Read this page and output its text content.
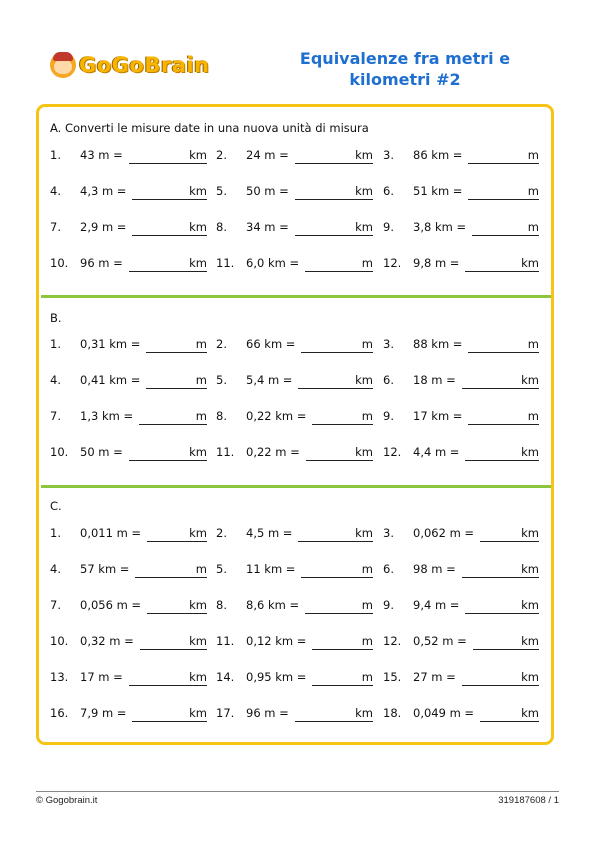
GoGoBrain	Equivalenze fra metri e kilometri #2
A. Converti le misure date in una nuova unità di misura
1. 43 m =	km 2. 24 m =	km 3. 86 km =	m
4. 4,3 m =	km 5. 50 m =	km 6. 51 km =	m
7. 2,9 m =	km 8. 34 m =	km 9. 3,8 km =	m
10. 96 m =	km 11. 6,0 km =	m 12. 9,8 m =	km
B.
1. 0,31 km =	m 2. 66 km =	m 3. 88 km =	m
4. 0,41 km =	m 5. 5,4 m =	km 6. 18 m =	km
7. 1,3 km =	m 8. 0,22 km =	m 9. 17 km =	m
10. 50 m =	km 11. 0,22 m =	km 12. 4,4 m =	km
C.
1. 0,011 m =	km 2. 4,5 m =	km 3. 0,062 m =	km
4. 57 km =	m 5. 11 km =	m 6. 98 m =	km
7. 0,056 m =	km 8. 8,6 km =	m 9. 9,4 m =	km
10. 0,32 m =	km 11. 0,12 km =	m 12. 0,52 m =	km
13. 17 m =	km 14. 0,95 km =	m 15. 27 m =	km
16. 7,9 m =	km 17. 96 m =	km 18. 0,049 m =	km
© Gogobrain.it	319187608 / 1
